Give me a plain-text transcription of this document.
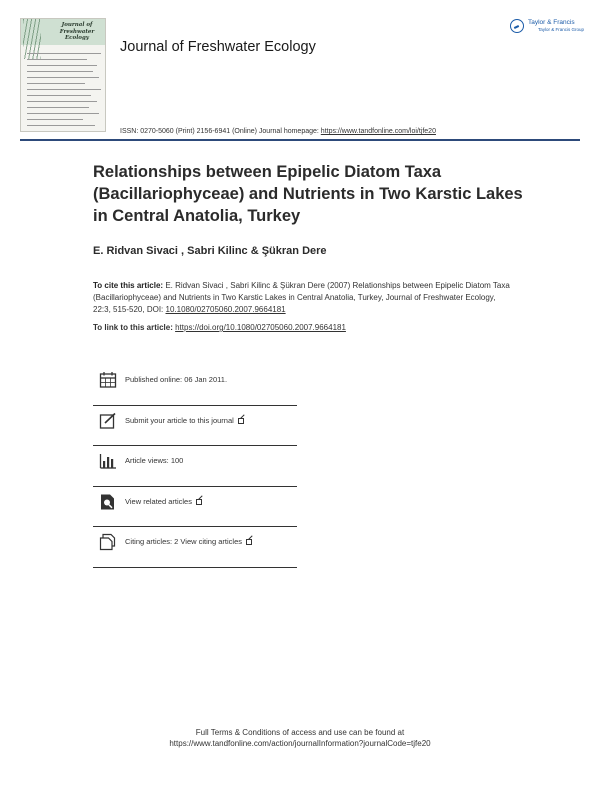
Journal of Freshwater Ecology
Journal of Freshwater Ecology
Taylor & Francis
Taylor & Francis Group
ISSN: 0270-5060 (Print) 2156-6941 (Online) Journal homepage: https://www.tandfonline.com/loi/tjfe20
Relationships between Epipelic Diatom Taxa (Bacillariophyceae) and Nutrients in Two Karstic Lakes in Central Anatolia, Turkey
E. Ridvan Sivaci , Sabri Kilinc & Şükran Dere
To cite this article: E. Ridvan Sivaci , Sabri Kilinc & Şükran Dere (2007) Relationships between Epipelic Diatom Taxa (Bacillariophyceae) and Nutrients in Two Karstic Lakes in Central Anatolia, Turkey, Journal of Freshwater Ecology, 22:3, 515-520, DOI: 10.1080/02705060.2007.9664181
To link to this article: https://doi.org/10.1080/02705060.2007.9664181
Published online: 06 Jan 2011.
Submit your article to this journal
Article views: 100
View related articles
Citing articles: 2 View citing articles
Full Terms & Conditions of access and use can be found at
https://www.tandfonline.com/action/journalInformation?journalCode=tjfe20
